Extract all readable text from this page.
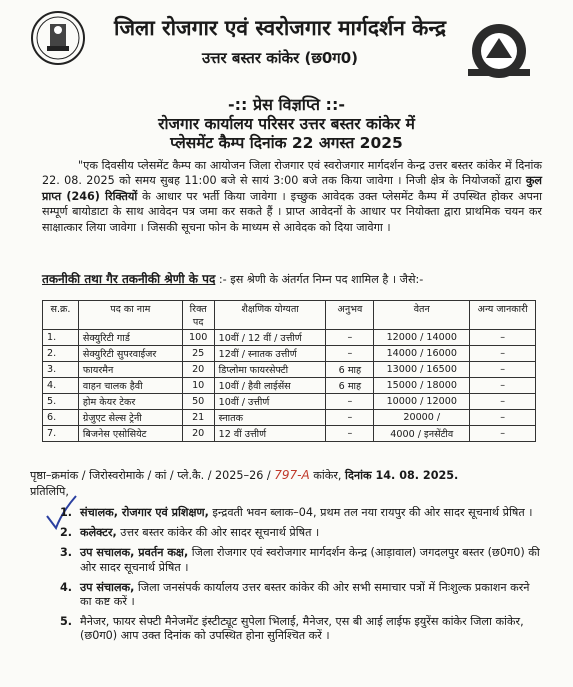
जिला रोजगार एवं स्वरोजगार मार्गदर्शन केन्द्र
उत्तर बस्तर कांकेर (छ0ग0)
-:: प्रेस विज्ञप्ति ::-
रोजगार कार्यालय परिसर उत्तर बस्तर कांकेर में
प्लेसमेंट कैम्प दिनांक 22 अगस्त 2025
"एक दिवसीय प्लेसमेंट कैम्प का आयोजन जिला रोजगार एवं स्वरोजगार मार्गदर्शन केन्द्र उत्तर बस्तर कांकेर में दिनांक 22. 08. 2025 को समय सुबह 11:00 बजे से सायं 3:00 बजे तक किया जावेगा । निजी क्षेत्र के नियोजकों द्वारा कुल प्राप्त (246) रिक्तियों के आधार पर भर्ती किया जावेगा । इच्छुक आवेदक उक्त प्लेसमेंट कैम्प में उपस्थित होकर अपना सम्पूर्ण बायोडाटा के साथ आवेदन पत्र जमा कर सकते हैं । प्राप्त आवेदनों के आधार पर नियोक्ता द्वारा प्राथमिक चयन कर साक्षात्कार लिया जावेगा । जिसकी सूचना फोन के माध्यम से आवेदक को दिया जावेगा ।
तकनीकी तथा गैर तकनीकी श्रेणी के पद :- इस श्रेणी के अंतर्गत निम्न पद शामिल है । जैसे:-
स.क्र.	पद का नाम	रिक्त पद	शैक्षणिक योग्यता	अनुभव	वेतन	अन्य जानकारी
1.	सेक्युरिटी गार्ड	100	10वीं / 12 वीं / उत्तीर्ण	–	12000 / 14000	–
2.	सेक्युरिटी सुपरवाईजर	25	12वीं / स्नातक उत्तीर्ण	–	14000 / 16000	–
3.	फायरमैन	20	डिप्लोमा फायरसेफ्टी	6 माह	13000 / 16500	–
4.	वाहन चालक हैवी	10	10वीं / हैवी लाईसेंस	6 माह	15000 / 18000	–
5.	होम केयर टेकर	50	10वीं / उत्तीर्ण	–	10000 / 12000	–
6.	ग्रेजुएट सेल्स ट्रेनी	21	स्नातक	–	20000 /	–
7.	बिजनेस एसोसियेट	20	12 वीं उत्तीर्ण	–	4000 / इनसेंटीव	–
पृष्ठा–क्रमांक / जिरोस्वरोमाके / कां / प्ले.कै. / 2025–26 / 797-A कांकेर, दिनांक 14. 08. 2025.
प्रतिलिपि,
1. संचालक, रोजगार एवं प्रशिक्षण, इन्द्रवती भवन ब्लाक–04, प्रथम तल नया रायपुर की ओर सादर सूचनार्थ प्रेषित ।
2. कलेक्टर, उत्तर बस्तर कांकेर की ओर सादर सूचनार्थ प्रेषित ।
3. उप सचालक, प्रवर्तन कक्ष, जिला रोजगार एवं स्वरोजगार मार्गदर्शन केन्द्र (आड़ावाल) जगदलपुर बस्तर (छ0ग0) की ओर सादर सूचनार्थ प्रेषित ।
4. उप संचालक, जिला जनसंपर्क कार्यालय उत्तर बस्तर कांकेर की ओर सभी समाचार पत्रों में निःशुल्क प्रकाशन करने का कष्ट करें ।
5. मैनेजर, फायर सेफ्टी मैनेजमेंट इंस्टीट्यूट सुपेला भिलाई, मैनेजर, एस बी आई लाईफ इयुरेंस कांकेर जिला कांकेर, (छ0ग0) आप उक्त दिनांक को उपस्थित होना सुनिश्चित करें ।
